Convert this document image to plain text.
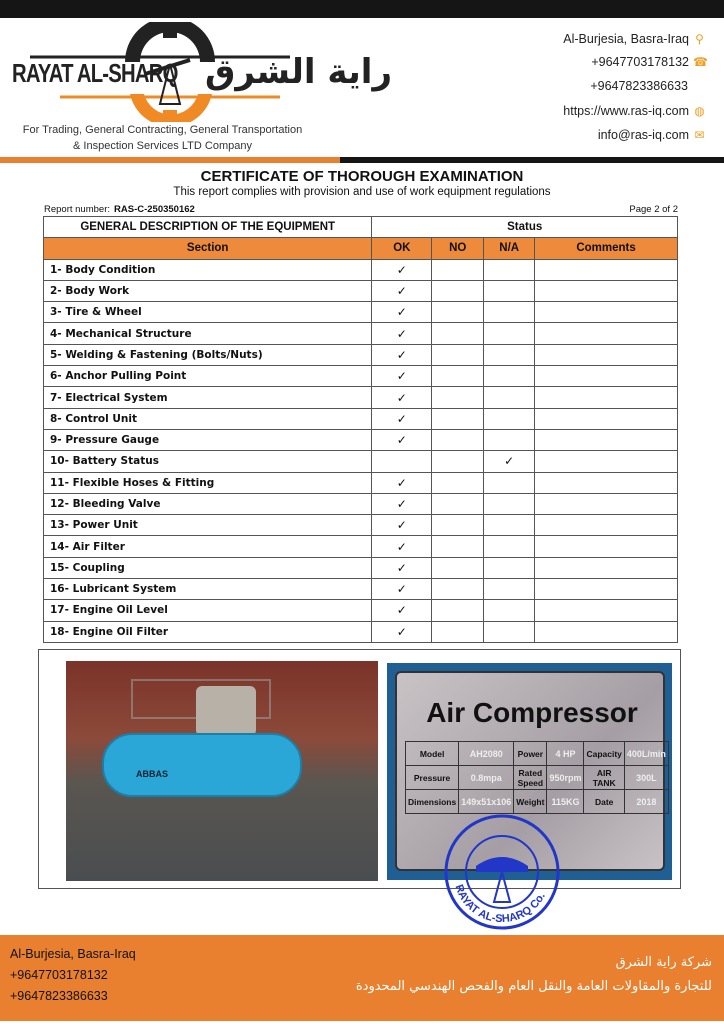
RAYAT AL-SHARQ راية الشرق
For Trading, General Contracting, General Transportation
& Inspection Services LTD Company
Al-Burjesia, Basra-Iraq ⚲
+9647703178132 ☎
+9647823386633
https://www.ras-iq.com ◍
info@ras-iq.com ✉
CERTIFICATE OF THOROUGH EXAMINATION
This report complies with provision and use of work equipment regulations
Report number: RAS-C-250350162	Page 2 of 2
GENERAL DESCRIPTION OF THE EQUIPMENT	Status			
Section	OK	NO	N/A	Comments
1- Body Condition	✓			
2- Body Work	✓			
3- Tire & Wheel	✓			
4- Mechanical Structure	✓			
5- Welding & Fastening (Bolts/Nuts)	✓			
6- Anchor Pulling Point	✓			
7- Electrical System	✓			
8- Control Unit	✓			
9- Pressure Gauge	✓			
10- Battery Status			✓	
11- Flexible Hoses & Fitting	✓			
12- Bleeding Valve	✓			
13- Power Unit	✓			
14- Air Filter	✓			
15- Coupling	✓			
16- Lubricant System	✓			
17- Engine Oil Level	✓			
18- Engine Oil Filter	✓			
ABBAS
Air Compressor
Model	AH2080	Power	4 HP	Capacity	400L/min
Pressure	0.8mpa	Rated Speed	950rpm	AIR TANK	300L
Dimensions	149x51x106	Weight	115KG	Date	2018
RAYAT AL-SHARQ Co.
Al-Burjesia, Basra-Iraq
+9647703178132
+9647823386633
شركة راية الشرق
للتجارة والمقاولات العامة والنقل العام والفحص الهندسي المحدودة
